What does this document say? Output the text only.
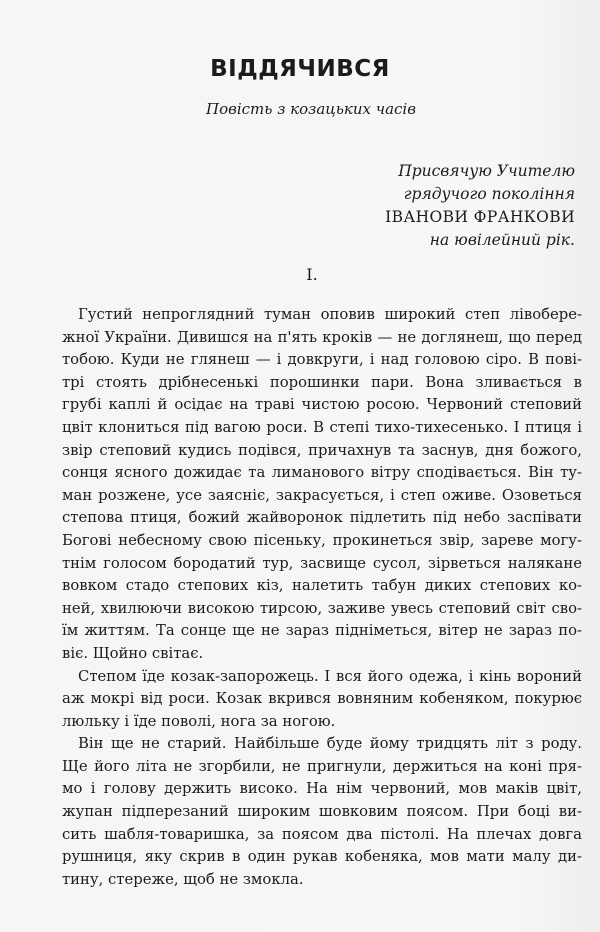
ВІДДЯЧИВСЯ
Повість з козацьких часів
Присвячую Учителю
грядучого покоління
ІВАНОВИ ФРАНКОВИ
на ювілейний рік.
I.
Густий непроглядний туман оповив широкий степ лівобере-
жної України. Дивишся на п'ять кроків — не доглянеш, що перед
тобою. Куди не глянеш — і довкруги, і над головою сіро. В пові-
трі стоять дрібнесенькі порошинки пари. Вона зливається в
грубі каплі й осідає на траві чистою росою. Червоний степовий
цвіт клониться під вагою роси. В степі тихо-тихесенько. І птиця і
звір степовий кудись подівся, причахнув та заснув, дня божого,
сонця ясного дожидає та лиманового вітру сподівається. Він ту-
ман розжене, усе заясніє, закрасується, і степ оживе. Озоветься
степова птиця, божий жайворонок підлетить під небо заспівати
Богові небесному свою пісеньку, прокинеться звір, зареве могу-
тнім голосом бородатий тур, засвище сусол, зірветься налякане
вовком стадо степових кіз, налетить табун диких степових ко-
ней, хвилюючи високою тирсою, заживе увесь степовий світ сво-
їм життям. Та сонце ще не зараз підніметься, вітер не зараз по-
віє. Щойно світає.
Степом їде козак-запорожець. І вся його одежа, і кінь вороний
аж мокрі від роси. Козак вкрився вовняним кобеняком, покурює
люльку і їде поволі, нога за ногою.
Він ще не старий. Найбільше буде йому тридцять літ з роду.
Ще його літа не згорбили, не пригнули, держиться на коні пря-
мо і голову держить високо. На нім червоний, мов маків цвіт,
жупан підперезаний широким шовковим поясом. При боці ви-
сить шабля-товаришка, за поясом два пістолі. На плечах довга
рушниця, яку скрив в один рукав кобеняка, мов мати малу ди-
тину, стереже, щоб не змокла.
